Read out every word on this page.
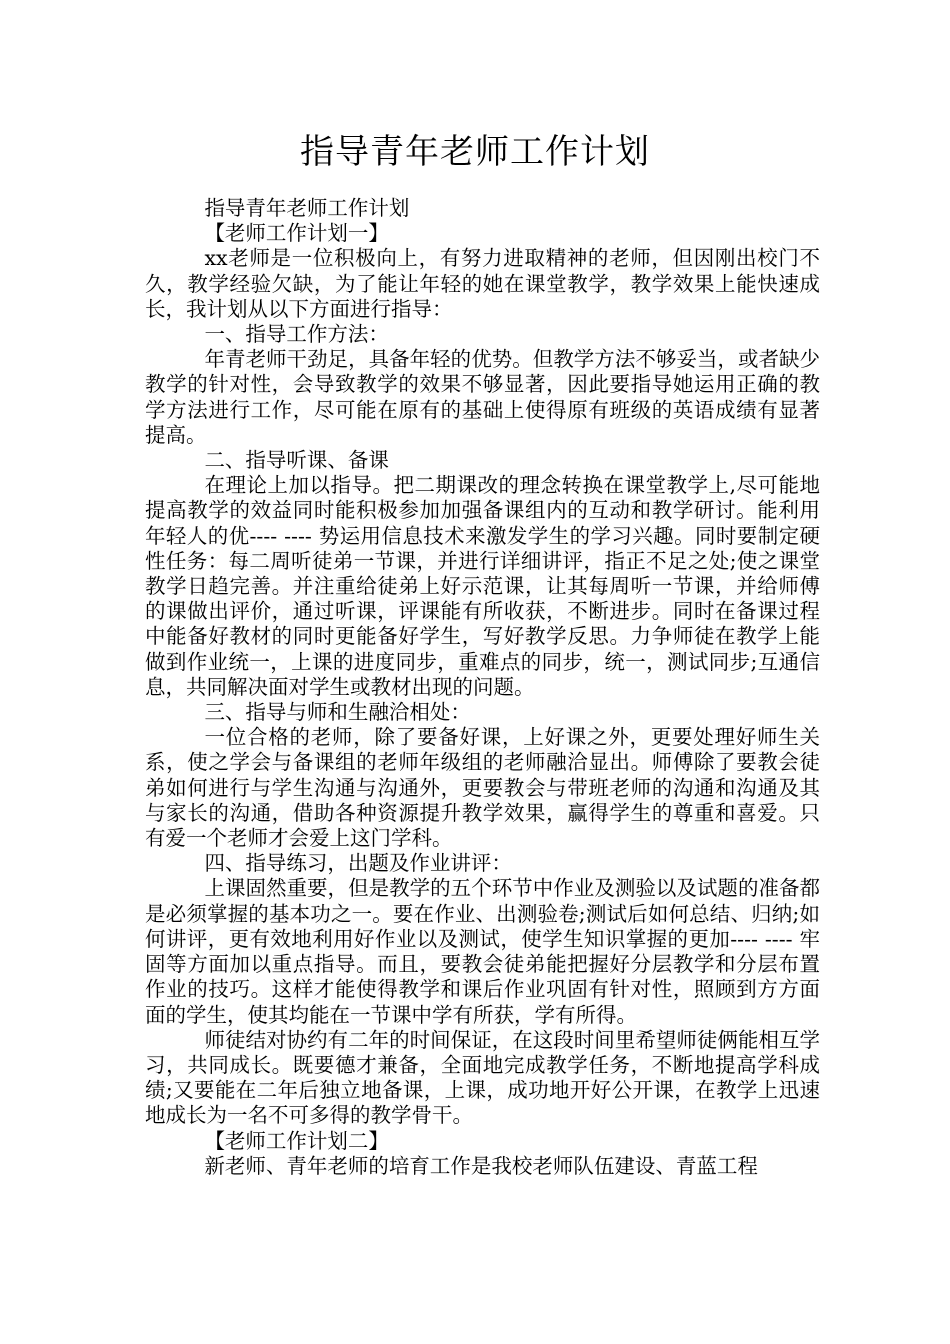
指导青年老师工作计划

指导青年老师工作计划

【老师工作计划一】

xx老师是一位积极向上，有努力进取精神的老师，但因刚出校门不久，教学经验欠缺，为了能让年轻的她在课堂教学，教学效果上能快速成长，我计划从以下方面进行指导：

一、指导工作方法：

年青老师干劲足，具备年轻的优势。但教学方法不够妥当，或者缺少教学的针对性，会导致教学的效果不够显著，因此要指导她运用正确的教学方法进行工作，尽可能在原有的基础上使得原有班级的英语成绩有显著提高。

二、指导听课、备课

在理论上加以指导。把二期课改的理念转换在课堂教学上,尽可能地提高教学的效益同时能积极参加加强备课组内的互动和教学研讨。能利用年轻人的优---- ---- 势运用信息技术来激发学生的学习兴趣。同时要制定硬性任务：每二周听徒弟一节课，并进行详细讲评，指正不足之处;使之课堂教学日趋完善。并注重给徒弟上好示范课，让其每周听一节课，并给师傅的课做出评价，通过听课，评课能有所收获，不断进步。同时在备课过程中能备好教材的同时更能备好学生，写好教学反思。力争师徒在教学上能做到作业统一，上课的进度同步，重难点的同步，统一，测试同步;互通信息，共同解决面对学生或教材出现的问题。

三、指导与师和生融洽相处：

一位合格的老师，除了要备好课，上好课之外，更要处理好师生关系，使之学会与备课组的老师年级组的老师融洽显出。师傅除了要教会徒弟如何进行与学生沟通与沟通外，更要教会与带班老师的沟通和沟通及其与家长的沟通，借助各种资源提升教学效果，赢得学生的尊重和喜爱。只有爱一个老师才会爱上这门学科。

四、指导练习，出题及作业讲评：

上课固然重要，但是教学的五个环节中作业及测验以及试题的准备都是必须掌握的基本功之一。要在作业、出测验卷;测试后如何总结、归纳;如何讲评，更有效地利用好作业以及测试，使学生知识掌握的更加---- ---- 牢固等方面加以重点指导。而且，要教会徒弟能把握好分层教学和分层布置作业的技巧。这样才能使得教学和课后作业巩固有针对性，照顾到方方面面的学生，使其均能在一节课中学有所获，学有所得。

师徒结对协约有二年的时间保证，在这段时间里希望师徒俩能相互学习，共同成长。既要德才兼备，全面地完成教学任务，不断地提高学科成绩;又要能在二年后独立地备课，上课，成功地开好公开课，在教学上迅速地成长为一名不可多得的教学骨干。

【老师工作计划二】

新老师、青年老师的培育工作是我校老师队伍建设、青蓝工程
